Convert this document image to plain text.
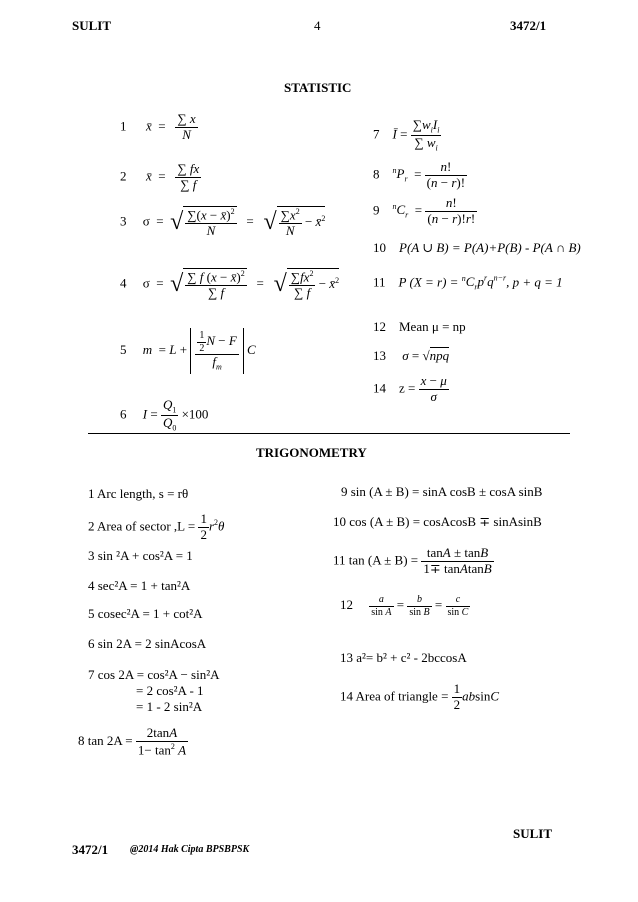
SULIT	4	3472/1
STATISTIC
1 x̄  = $\frac{\sum x}{N}$
2 x̄  = $\frac{\sum fx}{\sum f}$
3     σ  =  √ $\frac{\sum(x - x̄)^2}{N}$ =   √ $\frac{\sum x^2}{N}$ − x̄$^2$
4     σ  =  √ $\frac{\sum f (x - x̄)^2}{\sum f}$ =   √ $\frac{\sum fx^2}{\sum f}$ − x̄$^2$
5 $m = L + \frac{\frac{1}{2} N - F}{f_m}$ C
6 $I = \frac{Q_1}{Q_0} \times 100$
7 Ī = $\frac{\sum w_iI_i}{\sum w_i}$
8 $^nP_r = \frac{n!}{(n - r)!}$
9 $^nC_r = \frac{n!}{(n - r)!r!}$
10 P(A ∪ B) = P(A)+P(B) - P(A ∩ B)
11 P $(X = r) = ^nC_rp^rq^{n-r}$, p + q = 1
12 Mean μ = np
13 σ = √npq
14    $z = \frac{x - \mu}{\sigma}$
TRIGONOMETRY
1 Arc length, s = rθ
2 Area of sector $,L = \frac{1}{2} r^2\theta$
3 sin ²A + cos²A = 1
4 sec²A = 1 + tan²A
5 cosec²A = 1 + cot²A
6 sin 2A = 2 sinAcosA
7 cos 2A = cos²A − sin²A
= 2 cos²A - 1
= 1 - 2 sin²A
8 $\tan 2A = \frac{2\tan A}{1- \tan^2 A}$
9 sin (A ± B) = sinA cosB ± cosA sinB
10 cos (A ± B) = cosAcosB ∓ sinAsinB
11 $\tan (A \pm B) = \frac{\tan A \pm \tan B}{\text{1∓ tanAtanB}}$
$12 \frac{a}{\text{sin A}} = \frac{b}{\text{sin B}} = \frac{c}{\text{sin C}}$
13 a²= b² + c² - 2bccosA
14 Area of triangle = $\frac{1}{2}$ absinC
SULIT
3472/1 @2014 Hak Cipta BPSBPSK
